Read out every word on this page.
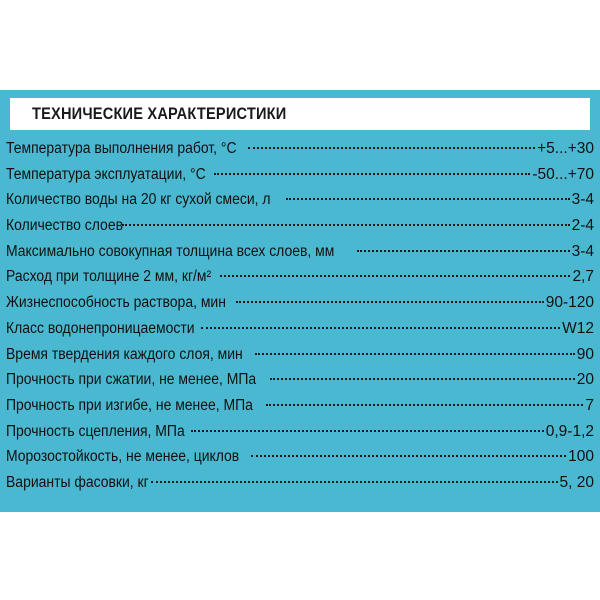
ТЕХНИЧЕСКИЕ ХАРАКТЕРИСТИКИ
Температура выполнения работ, °С	+5...+30
Температура эксплуатации, °С	-50...+70
Количество воды на 20 кг сухой смеси, л	3-4
Количество слоев	2-4
Максимально совокупная толщина всех слоев, мм	3-4
Расход при толщине 2 мм, кг/м²	2,7
Жизнеспособность раствора, мин	90-120
Класс водонепроницаемости	W12
Время твердения каждого слоя, мин	90
Прочность при сжатии, не менее, МПа	20
Прочность при изгибе, не менее, МПа	7
Прочность сцепления, МПа	0,9-1,2
Морозостойкость, не менее, циклов	100
Варианты фасовки, кг	5, 20
